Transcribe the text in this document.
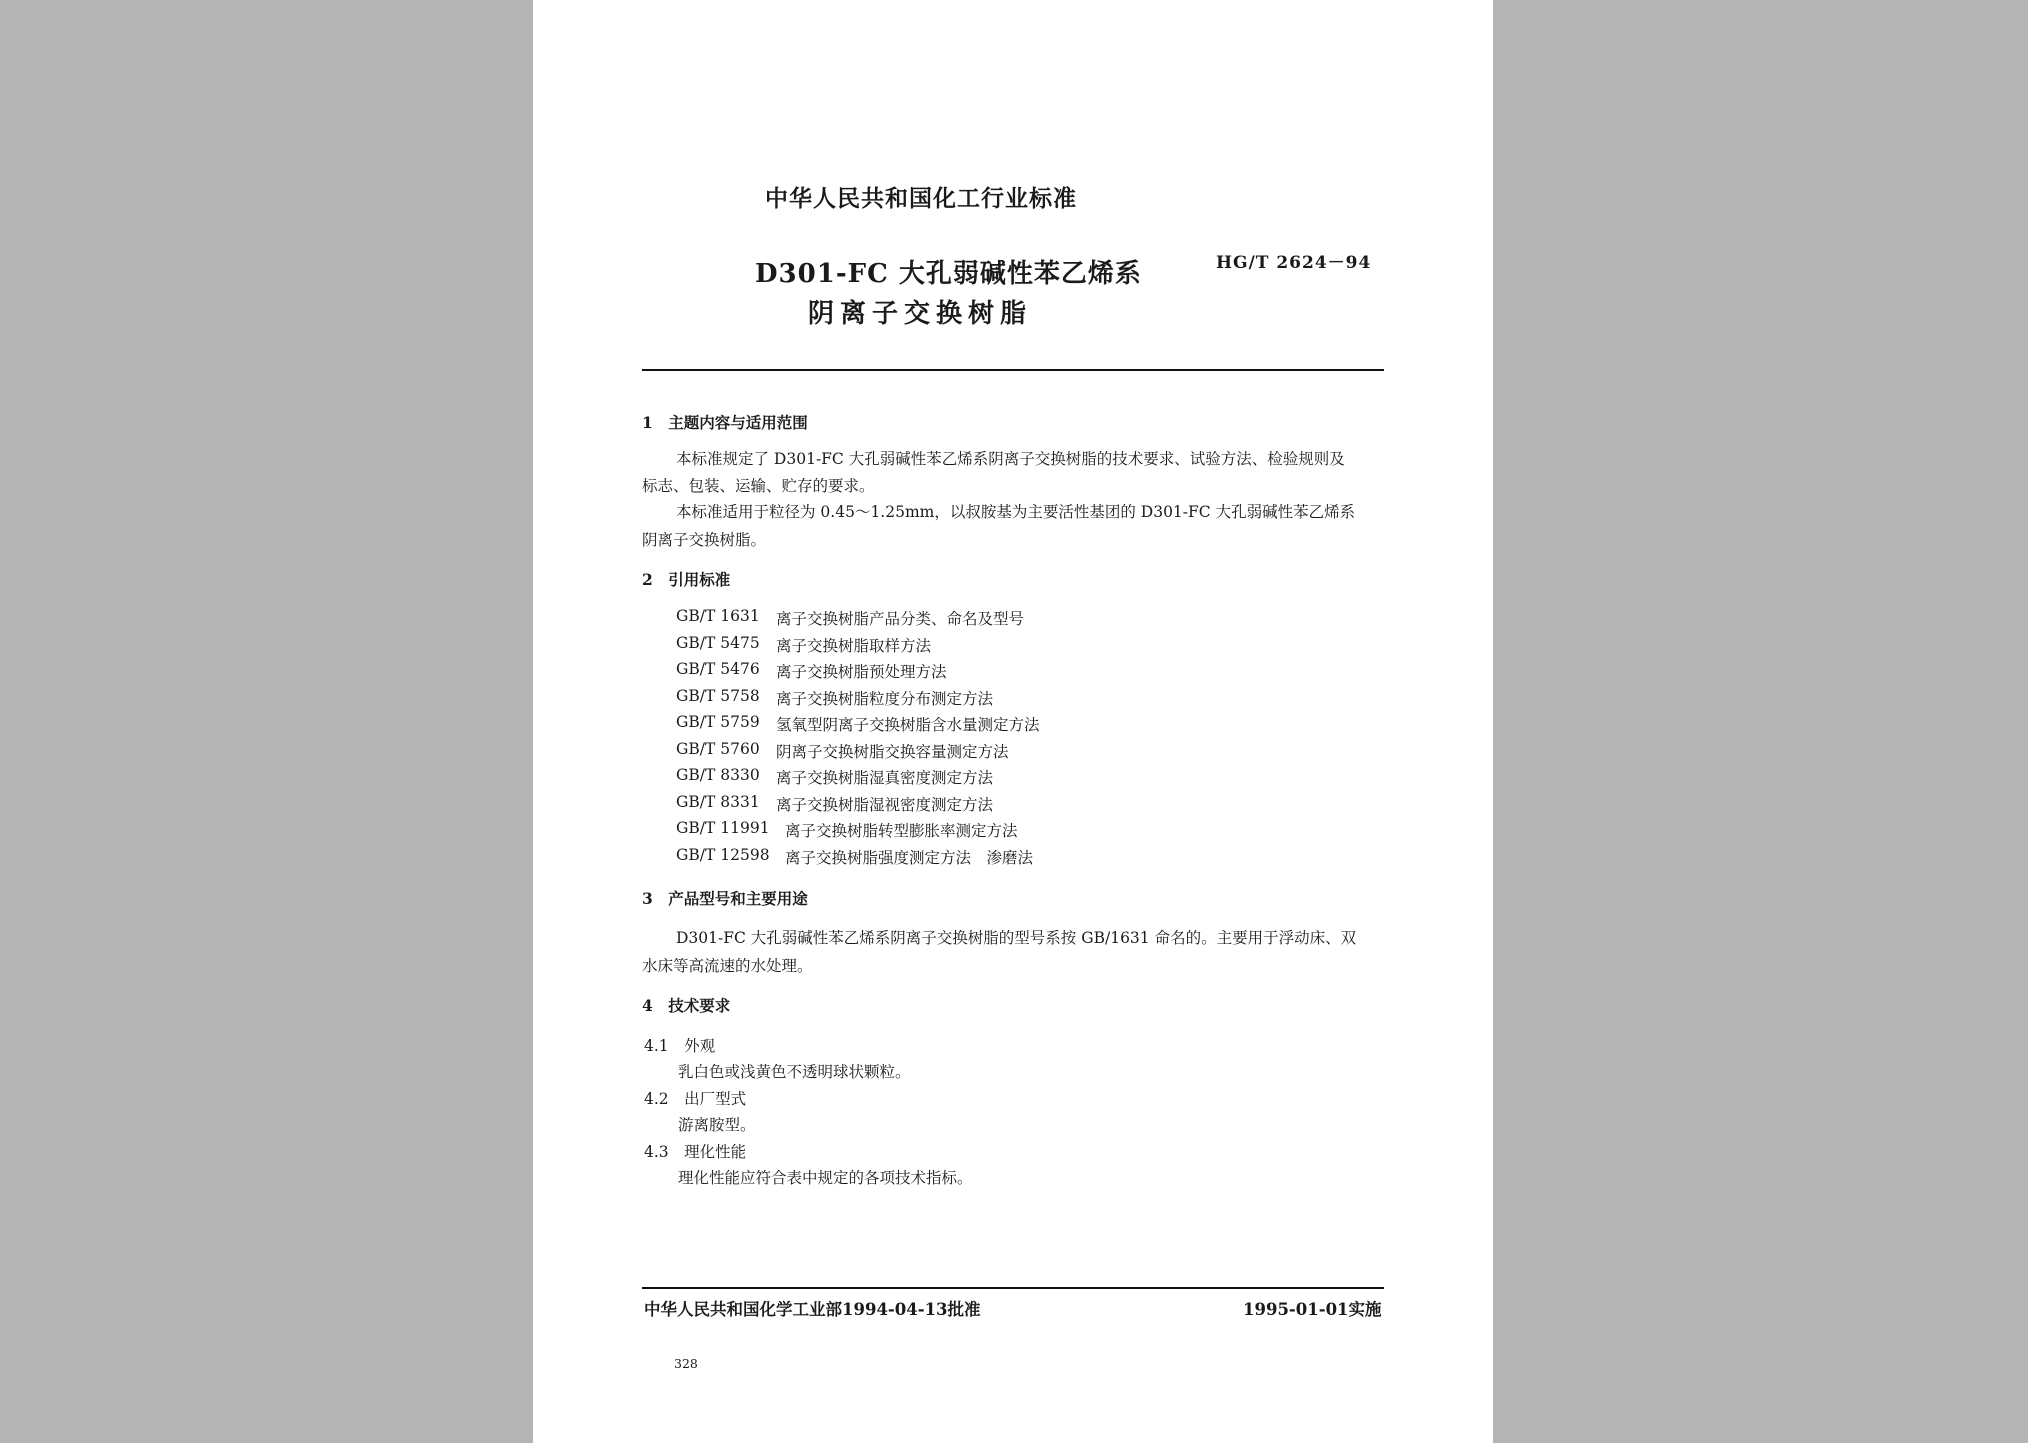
中华人民共和国化工行业标准
D301-FC 大孔弱碱性苯乙烯系
阴离子交换树脂
HG/T 2624－94
1　主题内容与适用范围
本标准规定了 D301-FC 大孔弱碱性苯乙烯系阴离子交换树脂的技术要求、试验方法、检验规则及
标志、包装、运输、贮存的要求。
本标准适用于粒径为 0.45～1.25mm，以叔胺基为主要活性基团的 D301-FC 大孔弱碱性苯乙烯系
阴离子交换树脂。
2　引用标准
GB/T 1631 离子交换树脂产品分类、命名及型号
GB/T 5475 离子交换树脂取样方法
GB/T 5476 离子交换树脂预处理方法
GB/T 5758 离子交换树脂粒度分布测定方法
GB/T 5759 氢氧型阴离子交换树脂含水量测定方法
GB/T 5760 阴离子交换树脂交换容量测定方法
GB/T 8330 离子交换树脂湿真密度测定方法
GB/T 8331 离子交换树脂湿视密度测定方法
GB/T 11991 离子交换树脂转型膨胀率测定方法
GB/T 12598 离子交换树脂强度测定方法　渗磨法
3　产品型号和主要用途
D301-FC 大孔弱碱性苯乙烯系阴离子交换树脂的型号系按 GB/1631 命名的。主要用于浮动床、双
水床等高流速的水处理。
4　技术要求
4.1　外观
乳白色或浅黄色不透明球状颗粒。
4.2　出厂型式
游离胺型。
4.3　理化性能
理化性能应符合表中规定的各项技术指标。
中华人民共和国化学工业部1994-04-13批准	1995-01-01实施
328
